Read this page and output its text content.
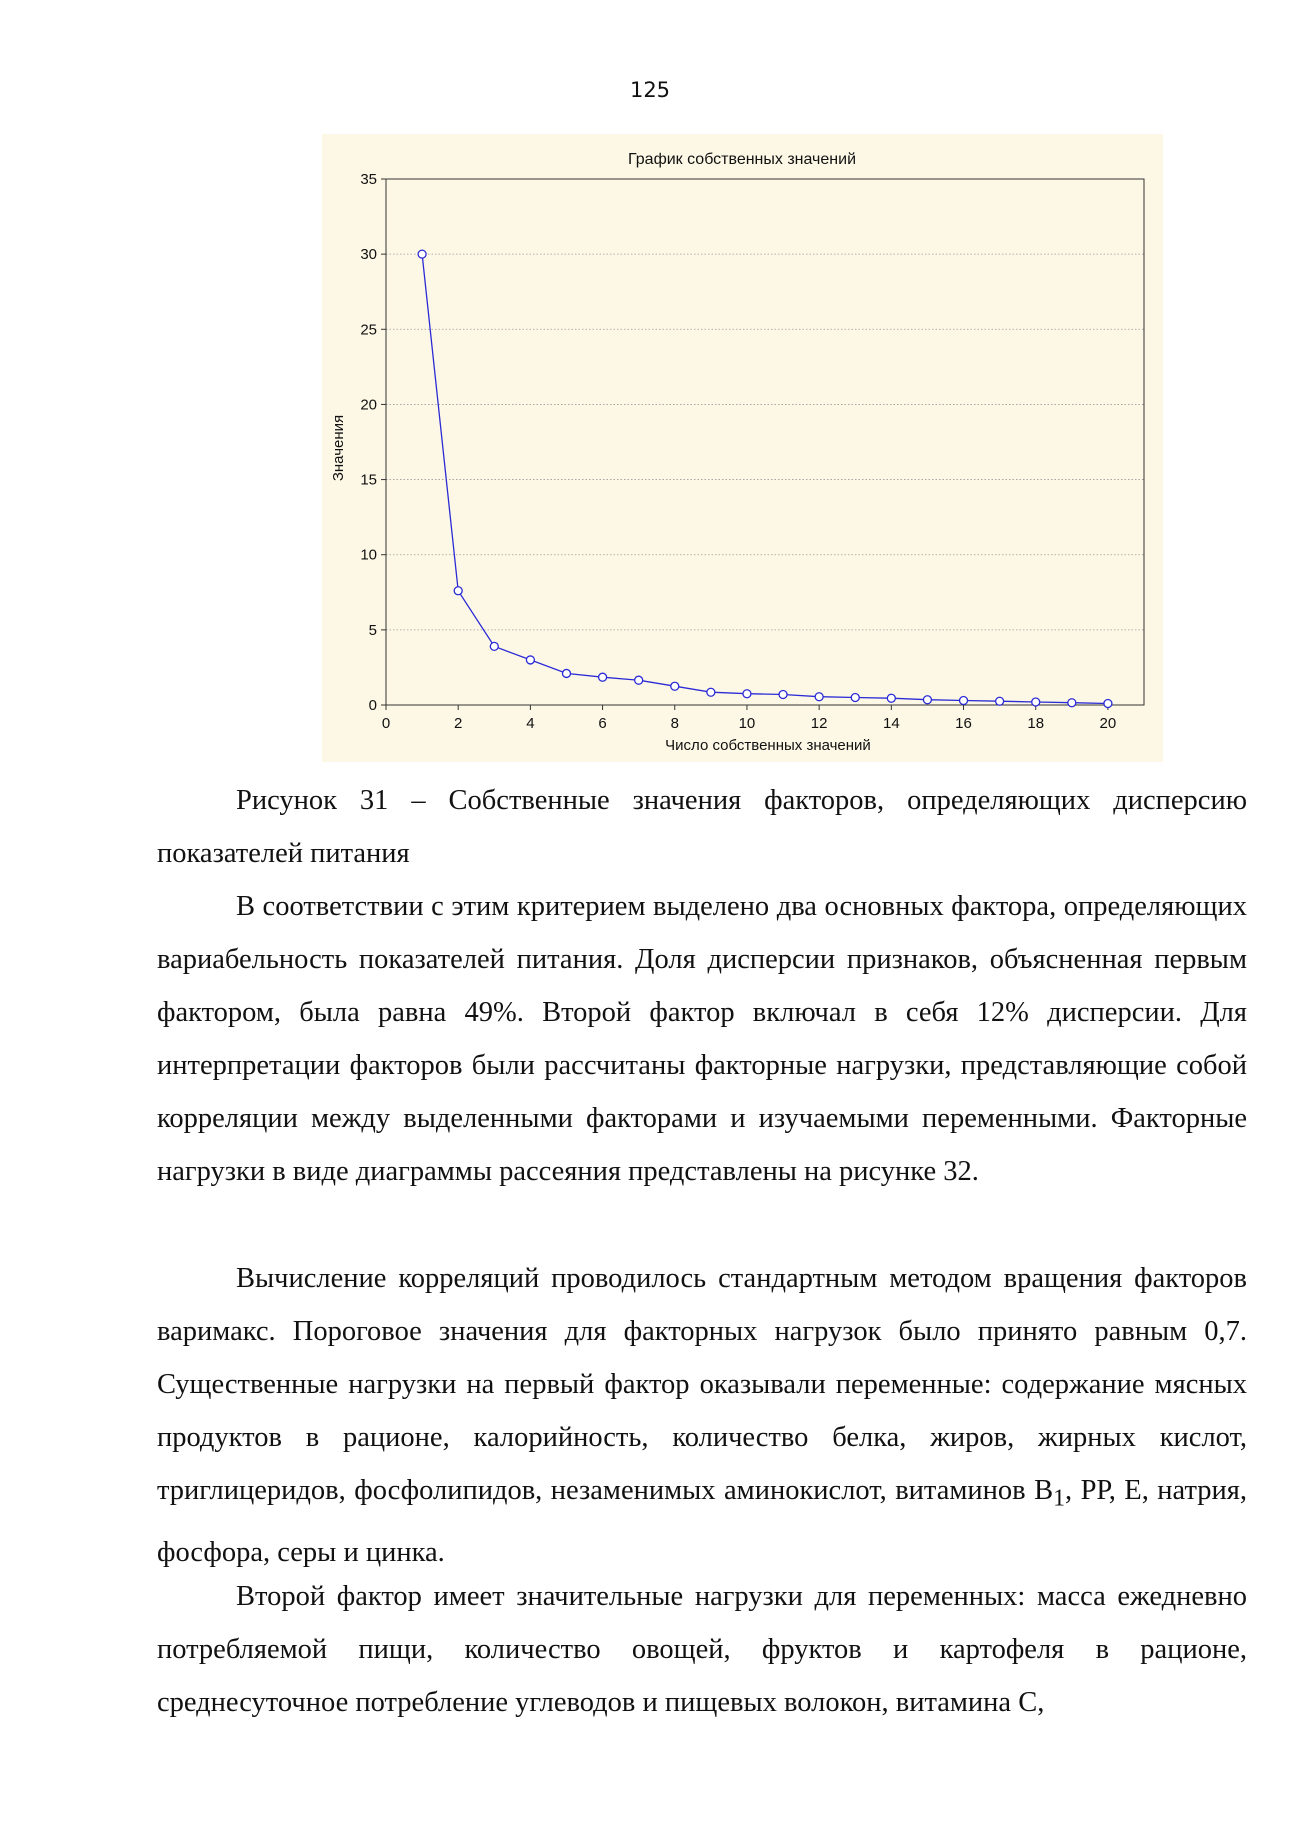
125
График собственных значений
0
5
10
15
20
25
30
35
0	2	4	6	8	10	12	14	16	18	20
Число собственных значений
Значения

Рисунок 31 – Собственные значения факторов, определяющих дисперсию показателей питания

В соответствии с этим критерием выделено два основных фактора, определяющих вариабельность показателей питания. Доля дисперсии признаков, объясненная первым фактором, была равна 49%. Второй фактор включал в себя 12% дисперсии. Для интерпретации факторов были рассчитаны факторные нагрузки, представляющие собой корреляции между выделенными факторами и изучаемыми переменными. Факторные нагрузки в виде диаграммы рассеяния представлены на рисунке 32.

Вычисление корреляций проводилось стандартным методом вращения факторов варимакс. Пороговое значения для факторных нагрузок было принято равным 0,7. Существенные нагрузки на первый фактор оказывали переменные: содержание мясных продуктов в рационе, калорийность, количество белка, жиров, жирных кислот, триглицеридов, фосфолипидов, незаменимых аминокислот, витаминов $В_1$, РР, Е, натрия, фосфора, серы и цинка.

Второй фактор имеет значительные нагрузки для переменных: масса ежедневно потребляемой пищи, количество овощей, фруктов и картофеля в рационе, среднесуточное потребление углеводов и пищевых волокон, витамина С,
